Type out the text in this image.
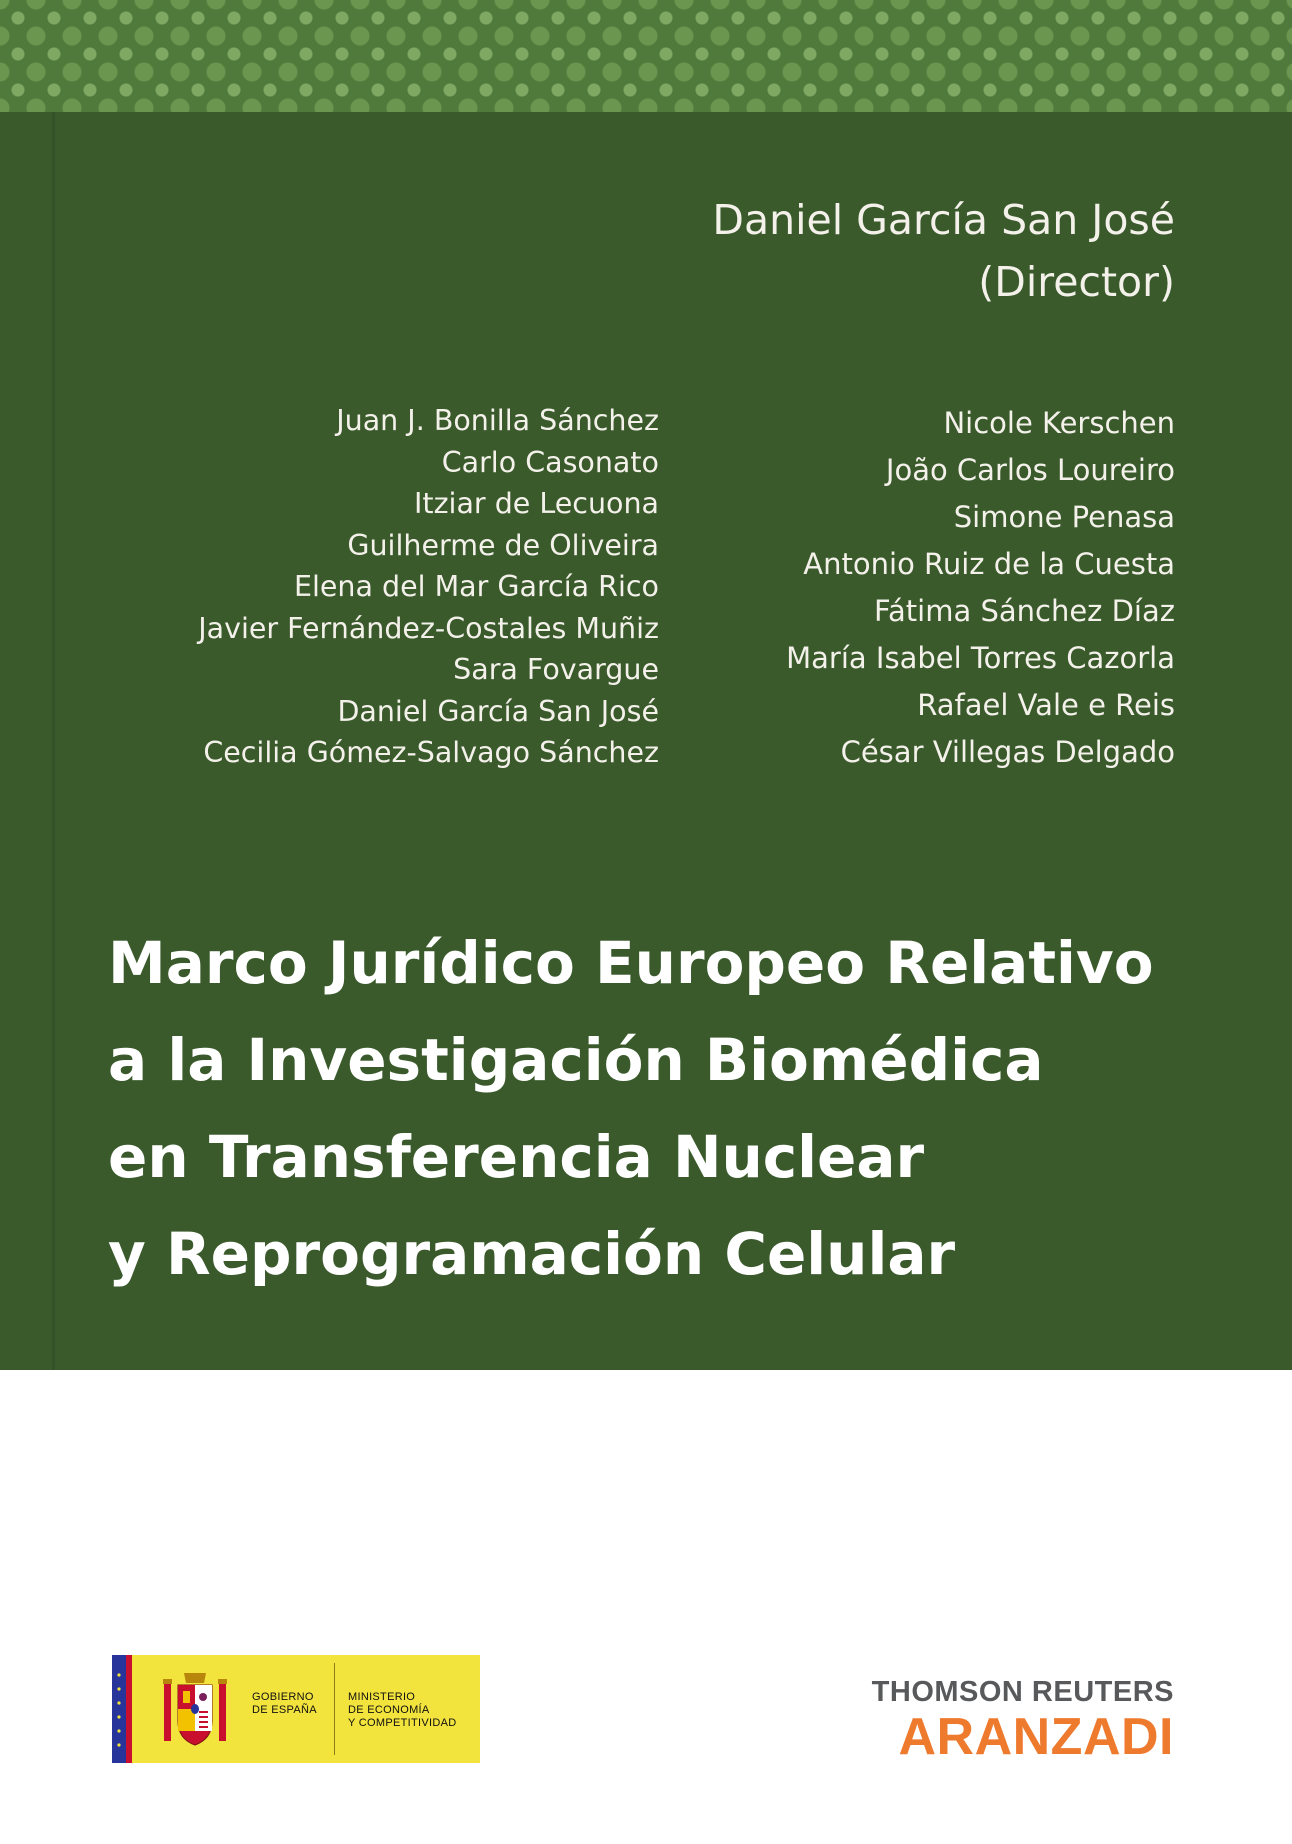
Daniel García San José
(Director)
Juan J. Bonilla Sánchez
Carlo Casonato
Itziar de Lecuona
Guilherme de Oliveira
Elena del Mar García Rico
Javier Fernández-Costales Muñiz
Sara Fovargue
Daniel García San José
Cecilia Gómez-Salvago Sánchez
Nicole Kerschen
João Carlos Loureiro
Simone Penasa
Antonio Ruiz de la Cuesta
Fátima Sánchez Díaz
María Isabel Torres Cazorla
Rafael Vale e Reis
César Villegas Delgado
Marco Jurídico Europeo Relativo
a la Investigación Biomédica
en Transferencia Nuclear
y Reprogramación Celular
GOBIERNO
DE ESPAÑA
MINISTERIO
DE ECONOMÍA
Y COMPETITIVIDAD
THOMSON REUTERS
ARANZADI
